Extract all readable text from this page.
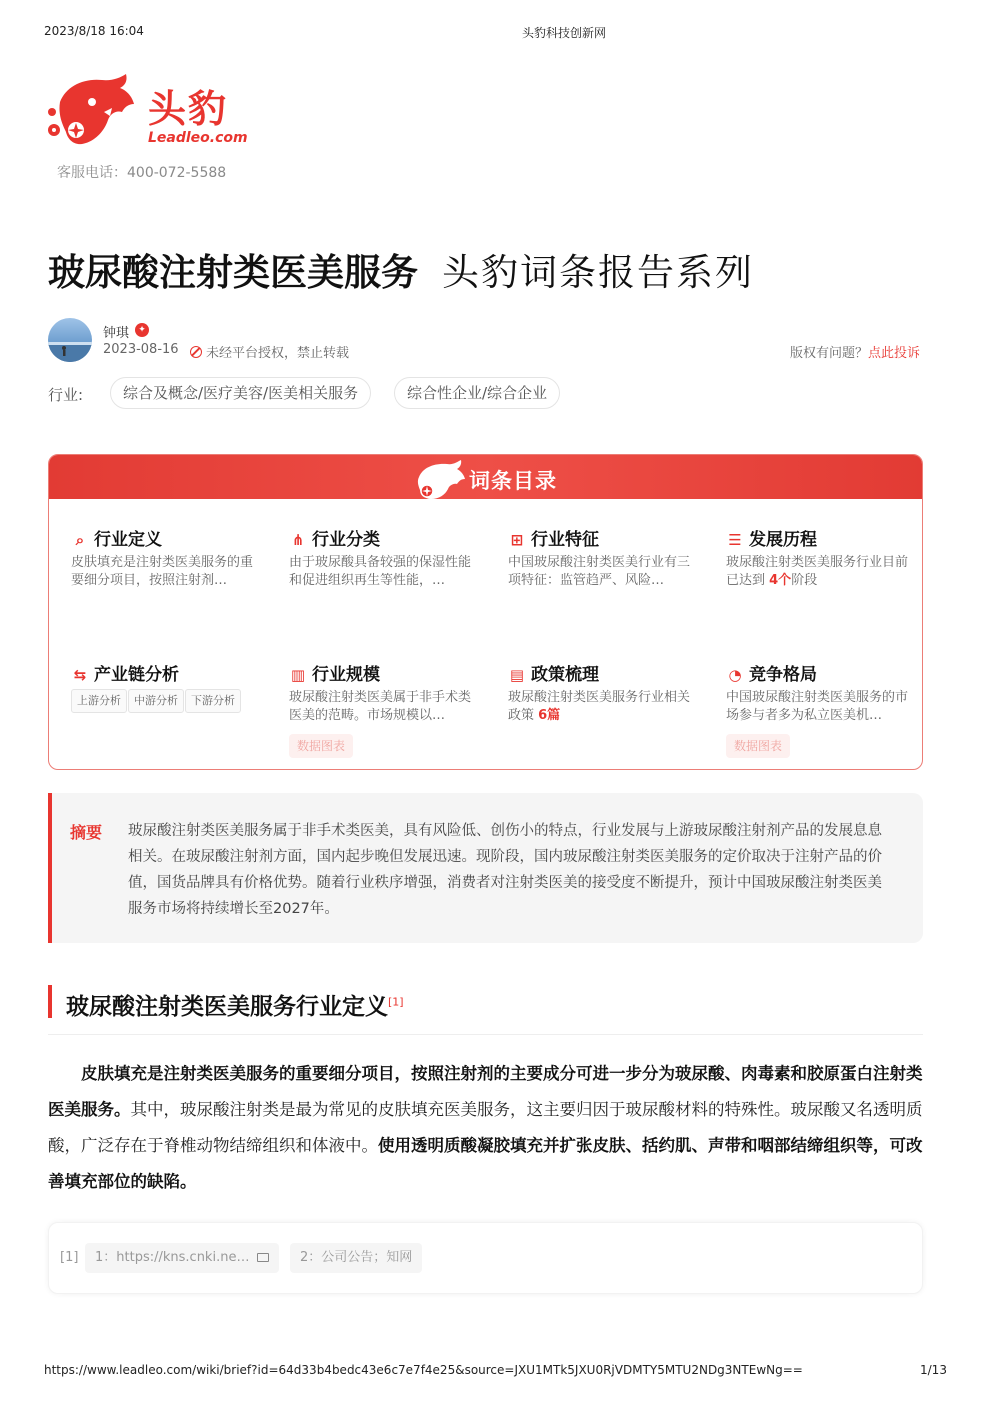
2023/8/18 16:04	头豹科技创新网
头豹
Leadleo.com
客服电话：400-072-5588
玻尿酸注射类医美服务 头豹词条报告系列
钟琪	✦
2023-08-16	未经平台授权，禁止转载	版权有问题？点此投诉
行业:	综合及概念/医疗美容/医美相关服务	综合性企业/综合企业
词条目录
⌕ 行业定义
皮肤填充是注射类医美服务的重要细分项目，按照注射剂…
⋔ 行业分类
由于玻尿酸具备较强的保湿性能和促进组织再生等性能，…
⊞ 行业特征
中国玻尿酸注射类医美行业有三项特征：监管趋严、风险…
☰ 发展历程
玻尿酸注射类医美服务行业目前已达到 4个阶段
⇆ 产业链分析
上游分析	中游分析	下游分析
▥ 行业规模
玻尿酸注射类医美属于非手术类医美的范畴。市场规模以…
数据图表
▤ 政策梳理
玻尿酸注射类医美服务行业相关政策 6篇
◔ 竞争格局
中国玻尿酸注射类医美服务的市场参与者多为私立医美机…
数据图表
摘要 玻尿酸注射类医美服务属于非手术类医美，具有风险低、创伤小的特点，行业发展与上游玻尿酸注射剂产品的发展息息相关。在玻尿酸注射剂方面，国内起步晚但发展迅速。现阶段，国内玻尿酸注射类医美服务的定价取决于注射产品的价值，国货品牌具有价格优势。随着行业秩序增强，消费者对注射类医美的接受度不断提升，预计中国玻尿酸注射类医美服务市场将持续增长至2027年。
玻尿酸注射类医美服务行业定义[1]

皮肤填充是注射类医美服务的重要细分项目，按照注射剂的主要成分可进一步分为玻尿酸、肉毒素和胶原蛋白注射类医美服务。其中，玻尿酸注射类是最为常见的皮肤填充医美服务，这主要归因于玻尿酸材料的特殊性。玻尿酸又名透明质酸，广泛存在于脊椎动物结缔组织和体液中。使用透明质酸凝胶填充并扩张皮肤、括约肌、声带和咽部结缔组织等，可改善填充部位的缺陷。

[1]	1：https://kns.cnki.ne…	2：公司公告；知网
https://www.leadleo.com/wiki/brief?id=64d33b4bedc43e6c7e7f4e25&source=JXU1MTk5JXU0RjVDMTY5MTU2NDg3NTEwNg==	1/13
